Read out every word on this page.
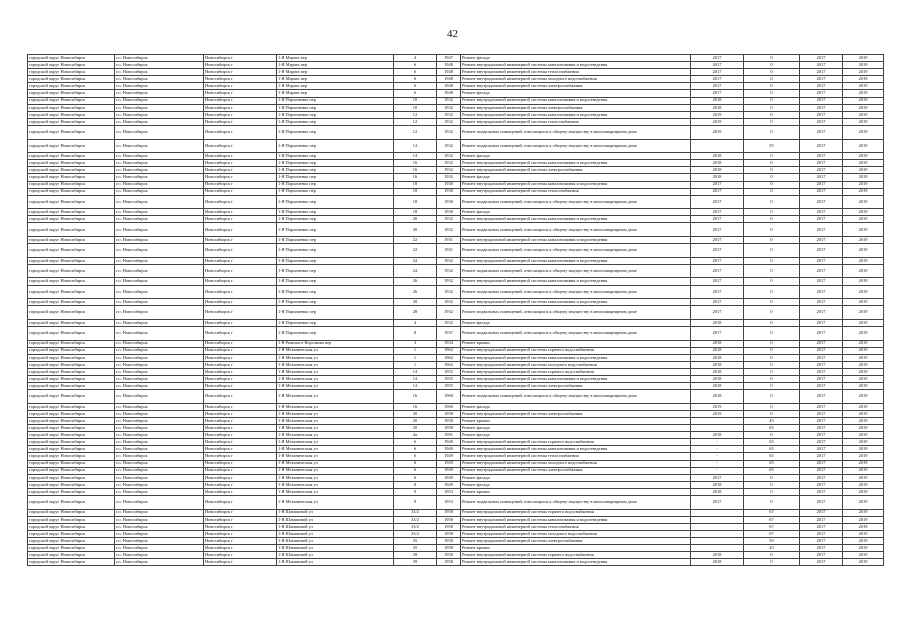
42
городской округ Новосибирск	г.о. Новосибирск	Новосибирск г	1-Я Марата пер	4	1947	Ремонт фасада	2017	0	2017	2019
городской округ Новосибирск	г.о. Новосибирск	Новосибирск г	1-Я Марата пер	6	1948	Ремонт внутридомовой инженерной системы канализования и водоотведения	2017	0	2017	2019
городской округ Новосибирск	г.о. Новосибирск	Новосибирск г	1-Я Марата пер	6	1948	Ремонт внутридомовой инженерной системы теплоснабжения	2017	0	2017	2019
городской округ Новосибирск	г.о. Новосибирск	Новосибирск г	1-Я Марата пер	6	1948	Ремонт внутридомовой инженерной системы холодного водоснабжения	2017	0	2017	2019
городской округ Новосибирск	г.о. Новосибирск	Новосибирск г	1-Я Марата пер	6	1948	Ремонт внутридомовой инженерной системы электроснабжения	2017	0	2017	2019
городской округ Новосибирск	г.о. Новосибирск	Новосибирск г	1-Я Марата пер	6	1948	Ремонт фасада	2017	0	2017	2019
городской округ Новосибирск	г.о. Новосибирск	Новосибирск г	1-Я Пархоменко пер	10	1932	Ремонт внутридомовой инженерной системы канализования и водоотведения	2018	0	2017	2019
городской округ Новосибирск	г.о. Новосибирск	Новосибирск г	1-Я Пархоменко пер	10	1932	Ремонт внутридомовой инженерной системы электроснабжения	2018	0	2017	2019
городской округ Новосибирск	г.о. Новосибирск	Новосибирск г	1-Я Пархоменко пер	12	1932	Ремонт внутридомовой инженерной системы канализования и водоотведения	2019	0	2017	2019
городской округ Новосибирск	г.о. Новосибирск	Новосибирск г	1-Я Пархоменко пер	12	1932	Ремонт внутридомовой инженерной системы теплоснабжения	2019	0	2017	2019
городской округ Новосибирск	г.о. Новосибирск	Новосибирск г	1-Я Пархоменко пер	12	1932	Ремонт подвальных помещений, относящихся к общему имуществу в многоквартирном доме	2019	0	2017	2019
городской округ Новосибирск	г.о. Новосибирск	Новосибирск г	1-Я Пархоменко пер	14	1932	Ремонт подвальных помещений, относящихся к общему имуществу в многоквартирном доме		55	2017	2019
городской округ Новосибирск	г.о. Новосибирск	Новосибирск г	1-Я Пархоменко пер	14	1932	Ремонт фасада	2018	0	2017	2019
городской округ Новосибирск	г.о. Новосибирск	Новосибирск г	1-Я Пархоменко пер	16	1932	Ремонт внутридомовой инженерной системы канализования и водоотведения	2018	0	2017	2019
городской округ Новосибирск	г.о. Новосибирск	Новосибирск г	1-Я Пархоменко пер	16	1932	Ремонт внутридомовой инженерной системы электроснабжения	2018	0	2017	2019
городской округ Новосибирск	г.о. Новосибирск	Новосибирск г	1-Я Пархоменко пер	16	1932	Ремонт фасада	2018	0	2017	2019
городской округ Новосибирск	г.о. Новосибирск	Новосибирск г	1-Я Пархоменко пер	18	1930	Ремонт внутридомовой инженерной системы канализования и водоотведения	2017	0	2017	2019
городской округ Новосибирск	г.о. Новосибирск	Новосибирск г	1-Я Пархоменко пер	18	1930	Ремонт внутридомовой инженерной системы теплоснабжения	2017	0	2017	2019
городской округ Новосибирск	г.о. Новосибирск	Новосибирск г	1-Я Пархоменко пер	18	1930	Ремонт подвальных помещений, относящихся к общему имуществу в многоквартирном доме	2017	0	2017	2019
городской округ Новосибирск	г.о. Новосибирск	Новосибирск г	1-Я Пархоменко пер	18	1930	Ремонт фасада	2017	0	2017	2019
городской округ Новосибирск	г.о. Новосибирск	Новосибирск г	1-Я Пархоменко пер	20	1932	Ремонт внутридомовой инженерной системы канализования и водоотведения	2017	0	2017	2019
городской округ Новосибирск	г.о. Новосибирск	Новосибирск г	1-Я Пархоменко пер	20	1932	Ремонт подвальных помещений, относящихся к общему имуществу в многоквартирном доме	2017	0	2017	2019
городской округ Новосибирск	г.о. Новосибирск	Новосибирск г	1-Я Пархоменко пер	22	1931	Ремонт внутридомовой инженерной системы канализования и водоотведения	2017	0	2017	2019
городской округ Новосибирск	г.о. Новосибирск	Новосибирск г	1-Я Пархоменко пер	22	1931	Ремонт подвальных помещений, относящихся к общему имуществу в многоквартирном доме	2017	0	2017	2019
городской округ Новосибирск	г.о. Новосибирск	Новосибирск г	1-Я Пархоменко пер	24	1932	Ремонт внутридомовой инженерной системы канализования и водоотведения	2017	0	2017	2019
городской округ Новосибирск	г.о. Новосибирск	Новосибирск г	1-Я Пархоменко пер	24	1932	Ремонт подвальных помещений, относящихся к общему имуществу в многоквартирном доме	2017	0	2017	2019
городской округ Новосибирск	г.о. Новосибирск	Новосибирск г	1-Я Пархоменко пер	26	1932	Ремонт внутридомовой инженерной системы канализования и водоотведения	2017	0	2017	2019
городской округ Новосибирск	г.о. Новосибирск	Новосибирск г	1-Я Пархоменко пер	26	1932	Ремонт подвальных помещений, относящихся к общему имуществу в многоквартирном доме	2017	0	2017	2019
городской округ Новосибирск	г.о. Новосибирск	Новосибирск г	1-Я Пархоменко пер	28	1932	Ремонт внутридомовой инженерной системы канализования и водоотведения	2017	0	2017	2019
городской округ Новосибирск	г.о. Новосибирск	Новосибирск г	1-Я Пархоменко пер	28	1932	Ремонт подвальных помещений, относящихся к общему имуществу в многоквартирном доме	2017	0	2017	2019
городской округ Новосибирск	г.о. Новосибирск	Новосибирск г	1-Я Пархоменко пер	4	1932	Ремонт фасада	2018	0	2017	2019
городской округ Новосибирск	г.о. Новосибирск	Новосибирск г	1-Я Пархоменко пер	8	1937	Ремонт подвальных помещений, относящихся к общему имуществу в многоквартирном доме	2017	0	2017	2019
городской округ Новосибирск	г.о. Новосибирск	Новосибирск г	1-Я Римского-Корсакова пер	3	1934	Ремонт крыши	2018	0	2017	2019
городской округ Новосибирск	г.о. Новосибирск	Новосибирск г	1-Я Механическая ул	1	1962	Ремонт внутридомовой инженерной системы горячего водоснабжения	2018	0	2017	2019
городской округ Новосибирск	г.о. Новосибирск	Новосибирск г	1-Я Механическая ул	1	1962	Ремонт внутридомовой инженерной системы канализования и водоотведения	2018	0	2017	2019
городской округ Новосибирск	г.о. Новосибирск	Новосибирск г	1-Я Механическая ул	1	1962	Ремонт внутридомовой инженерной системы холодного водоснабжения	2018	0	2017	2019
городской округ Новосибирск	г.о. Новосибирск	Новосибирск г	1-Я Механическая ул	14	1955	Ремонт внутридомовой инженерной системы горячего водоснабжения	2018	0	2017	2019
городской округ Новосибирск	г.о. Новосибирск	Новосибирск г	1-Я Механическая ул	14	1955	Ремонт внутридомовой инженерной системы канализования и водоотведения	2018	0	2017	2019
городской округ Новосибирск	г.о. Новосибирск	Новосибирск г	1-Я Механическая ул	14	1955	Ремонт внутридомовой инженерной системы электроснабжения	2018	0	2017	2019
городской округ Новосибирск	г.о. Новосибирск	Новосибирск г	1-Я Механическая ул	16	1960	Ремонт подвальных помещений, относящихся к общему имуществу в многоквартирном доме	2018	0	2017	2019
городской округ Новосибирск	г.о. Новосибирск	Новосибирск г	1-Я Механическая ул	16	1960	Ремонт фасада	2019	0	2017	2019
городской округ Новосибирск	г.о. Новосибирск	Новосибирск г	1-Я Механическая ул	20	1958	Ремонт внутридомовой инженерной системы электроснабжения	2019	0	2017	2019
городской округ Новосибирск	г.о. Новосибирск	Новосибирск г	1-Я Механическая ул	20	1958	Ремонт крыши		45	2017	2019
городской округ Новосибирск	г.о. Новосибирск	Новосибирск г	1-Я Механическая ул	20	1958	Ремонт фасада		65	2017	2019
городской округ Новосибирск	г.о. Новосибирск	Новосибирск г	1-Я Механическая ул	4а	1991	Ремонт фасада	2018	0	2017	2019
городской округ Новосибирск	г.о. Новосибирск	Новосибирск г	1-Я Механическая ул	6	1949	Ремонт внутридомовой инженерной системы горячего водоснабжения	-	65	2017	2019
городской округ Новосибирск	г.о. Новосибирск	Новосибирск г	1-Я Механическая ул	6	1949	Ремонт внутридомовой инженерной системы канализования и водоотведения	-	65	2017	2019
городской округ Новосибирск	г.о. Новосибирск	Новосибирск г	1-Я Механическая ул	6	1949	Ремонт внутридомовой инженерной системы теплоснабжения	-	65	2017	2019
городской округ Новосибирск	г.о. Новосибирск	Новосибирск г	1-Я Механическая ул	6	1949	Ремонт внутридомовой инженерной системы холодного водоснабжения	-	65	2017	2019
городской округ Новосибирск	г.о. Новосибирск	Новосибирск г	1-Я Механическая ул	6	1949	Ремонт внутридомовой инженерной системы электроснабжения	-	65	2017	2019
городской округ Новосибирск	г.о. Новосибирск	Новосибирск г	1-Я Механическая ул	6	1949	Ремонт фасада	2017	0	2017	2019
городской округ Новосибирск	г.о. Новосибирск	Новосибирск г	1-Я Механическая ул	8	1949	Ремонт фасада	2018	0	2017	2019
городской округ Новосибирск	г.о. Новосибирск	Новосибирск г	1-Я Механическая ул	9	1953	Ремонт крыши	2018	0	2017	2019
городской округ Новосибирск	г.о. Новосибирск	Новосибирск г	1-Я Механическая ул	9	1953	Ремонт подвальных помещений, относящихся к общему имуществу в многоквартирном доме	2017	0	2017	2019
городской округ Новосибирск	г.о. Новосибирск	Новосибирск г	1-Я Шамшиной ул	33/2	1958	Ремонт внутридомовой инженерной системы горячего водоснабжения		67	2017	2019
городской округ Новосибирск	г.о. Новосибирск	Новосибирск г	1-Я Шамшиной ул	33/2	1958	Ремонт внутридомовой инженерной системы канализования и водоотведения		67	2017	2019
городской округ Новосибирск	г.о. Новосибирск	Новосибирск г	1-Я Шамшиной ул	33/2	1958	Ремонт внутридомовой инженерной системы теплоснабжения		67	2017	2019
городской округ Новосибирск	г.о. Новосибирск	Новосибирск г	1-Я Шамшиной ул	33/2	1958	Ремонт внутридомовой инженерной системы холодного водоснабжения		67	2017	2019
городской округ Новосибирск	г.о. Новосибирск	Новосибирск г	1-Я Шамшиной ул	35	1958	Ремонт внутридомовой инженерной системы электроснабжения		50	2017	2019
городской округ Новосибирск	г.о. Новосибирск	Новосибирск г	1-Я Шамшиной ул	35	1958	Ремонт крыши		45	2017	2019
городской округ Новосибирск	г.о. Новосибирск	Новосибирск г	1-Я Шамшиной ул	39	1958	Ремонт внутридомовой инженерной системы горячего водоснабжения	2018	0	2017	2019
городской округ Новосибирск	г.о. Новосибирск	Новосибирск г	1-Я Шамшиной ул	39	1958	Ремонт внутридомовой инженерной системы канализования и водоотведения	2018	0	2017	2019
